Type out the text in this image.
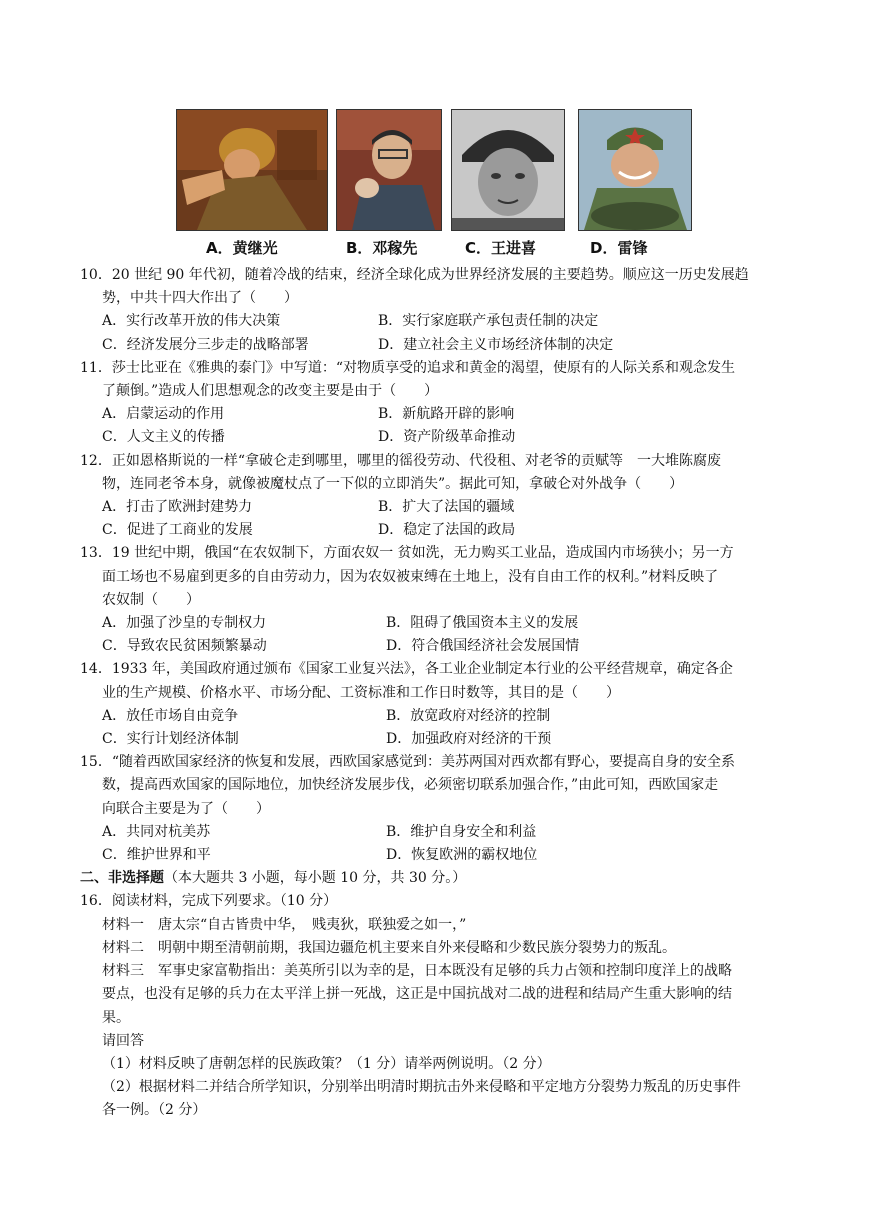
A．黄继光	B．邓稼先	C．王进喜	D．雷锋
10．20 世纪 90 年代初，随着冷战的结束，经济全球化成为世界经济发展的主要趋势。顺应这一历史发展趋
势，中共十四大作出了（　　）
A．实行改革开放的伟大决策	B．实行家庭联产承包责任制的决定
C．经济发展分三步走的战略部署	D．建立社会主义市场经济体制的决定
11．莎士比亚在《雅典的泰门》中写道：“对物质享受的追求和黄金的渴望，使原有的人际关系和观念发生
了颠倒。”造成人们思想观念的改变主要是由于（　　）
A．启蒙运动的作用	B．新航路开辟的影响
C．人文主义的传播	D．资产阶级革命推动
12．正如恩格斯说的一样“拿破仑走到哪里，哪里的徭役劳动、代役租、对老爷的贡赋等　一大堆陈腐废
物，连同老爷本身，就像被魔杖点了一下似的立即消失”。据此可知，拿破仑对外战争（　　）
A．打击了欧洲封建势力	B．扩大了法国的疆域
C．促进了工商业的发展	D．稳定了法国的政局
13．19 世纪中期，俄国“在农奴制下，方面农奴一 贫如洗，无力购买工业品，造成国内市场狭小；另一方
面工场也不易雇到更多的自由劳动力，因为农奴被束缚在土地上，没有自由工作的权利。”材料反映了
农奴制（　　）
A．加强了沙皇的专制权力	B．阻碍了俄国资本主义的发展
C．导致农民贫困频繁暴动	D．符合俄国经济社会发展国情
14．1933 年，美国政府通过颁布《国家工业复兴法》，各工业企业制定本行业的公平经营规章，确定各企
业的生产规模、价格水平、市场分配、工资标准和工作日时数等，其目的是（　　）
A．放任市场自由竞争	B．放宽政府对经济的控制
C．实行计划经济体制	D．加强政府对经济的干预
15．“随着西欧国家经济的恢复和发展，西欧国家感觉到：美苏两国对西欢都有野心，要提高自身的安全系
数，提高西欢国家的国际地位，加快经济发展步伐，必须密切联系加强合作，”由此可知，西欧国家走
向联合主要是为了（　　）
A．共同对杭美苏	B．维护自身安全和利益
C．维护世界和平	D．恢复欧洲的霸权地位
二、非选择题（本大题共 3 小题，每小题 10 分，共 30 分。）
16．阅读材料，完成下列要求。（10 分）
材料一　唐太宗“自古皆贵中华，　贱夷狄，联独爱之如一，”
材料二　明朝中期至清朝前期，我国边疆危机主要来自外来侵略和少数民族分裂势力的叛乱。
材料三　军事史家富勒指出：美英所引以为幸的是，日本既没有足够的兵力占领和控制印度洋上的战略
要点，也没有足够的兵力在太平洋上拼一死战，这正是中国抗战对二战的进程和结局产生重大影响的结
果。
请回答
（1）材料反映了唐朝怎样的民族政策？（1 分）请举两例说明。（2 分）
（2）根据材料二并结合所学知识，分别举出明清时期抗击外来侵略和平定地方分裂势力叛乱的历史事件
各一例。（2 分）
